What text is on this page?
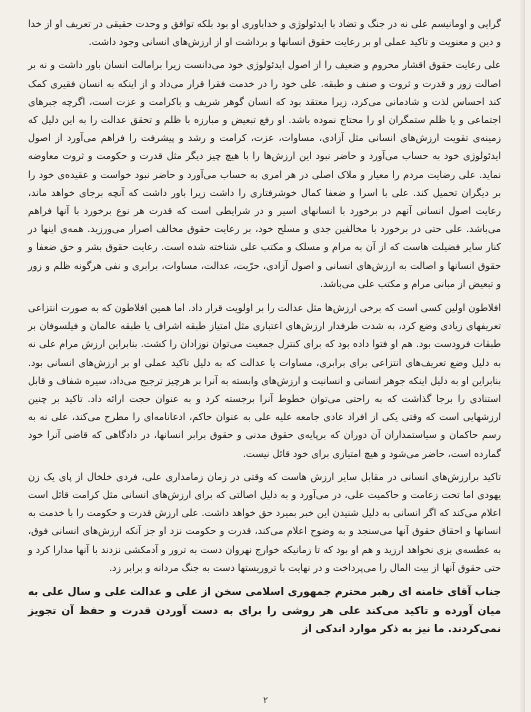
گرایی و اومانیسم علی نه در جنگ و تضاد با ایدئولوژی و خداباوری او بود بلکه توافق و وحدت حقیقی در تعریف او از خدا و دین و معنویت و تاکید عملی او بر رعایت حقوق انسانها و برداشت او از ارزش‌های انسانی وجود داشت.

علی رعایت حقوق اقشار محروم و ضعیف را از اصول ایدئولوژی خود می‌دانست زیرا برامالت انسان باور داشت و نه بر اصالت زور و قدرت و ثروت و صنف و طبقه. علی خود را در خدمت فقرا قرار می‌داد و از اینکه به انسان فقیری کمک کند احساس لذت و شادمانی می‌کرد، زیرا معتقد بود که انسان گوهر شریف و باکرامت و عزت است، اگرچه جبرهای اجتماعی و یا ظلم ستمگران او را محتاج نموده باشد. او رفع تبعیض و مبارزه با ظلم و تحقق عدالت را به این دلیل که زمینه‌ی تقویت ارزش‌های انسانی مثل آزادی، مساوات، عزت، کرامت و رشد و پیشرفت را فراهم می‌آورد از اصول ایدئولوژی خود به حساب می‌آورد و حاضر نبود این ارزش‌ها را با هیچ چیز دیگر مثل قدرت و حکومت و ثروت معاوضه نماید. علی رضایت مردم را معیار و ملاک اصلی در هر امری به حساب می‌آورد و حاضر نبود خواست و عقیده‌ی خود را بر دیگران تحمیل کند. علی با اسرا و ضعفا کمال خوشرفتاری را داشت زیرا باور داشت که آنچه برجای خواهد ماند، رعایت اصول انسانی آنهم در برخورد با انسانهای اسیر و در شرایطی است که قدرت هر نوع برخورد با آنها فراهم می‌باشد. علی حتی در برخورد با مخالفین جدی و مسلح خود، بر رعایت حقوق مخالف اصرار می‌ورزید. همه‌ی اینها در کنار سایر فضیلت هاست که از آن به مرام و مسلک و مکتب علی شناخته شده است. رعایت حقوق بشر و حق ضعفا و حقوق انسانها و اصالت به ارزش‌های انسانی و اصول آزادی، حرّیت، عدالت، مساوات، برابری و نفی هرگونه ظلم و زور و تبعیض از مبانی مرام و مکتب علی می‌باشد.

افلاطون اولین کسی است که برخی ارزش‌ها مثل عدالت را بر اولویت قرار داد. اما همین افلاطون که به صورت انتزاعی تعریفهای زیادی وضع کرد، به شدت طرفدار ارزش‌های اعتباری مثل امتیاز طبقه اشراف یا طبقه عالمان و فیلسوفان بر طبقات فرودست بود. هم او فتوا داده بود که برای کنترل جمعیت می‌توان نوزادان را کشت. بنابراین ارزش مرام علی نه به دلیل وضع تعریف‌های انتزاعی برای برابری، مساوات یا عدالت که به دلیل تاکید عملی او بر ارزش‌های انسانی بود. بنابراین او به دلیل اینکه جوهر انسانی و انسانیت و ارزش‌های وابسته به آنرا بر هرچیز ترجیح می‌داد، سیره شفاف و قابل استنادی را برجا گذاشت که به راحتی می‌توان خطوط آنرا برجسته کرد و به عنوان حجت ارائه داد. تاکید بر چنین ارزشهایی است که وقتی یکی از افراد عادی جامعه علیه علی به عنوان حاکم، ادعانامه‌ای را مطرح می‌کند، علی نه به رسم حاکمان و سیاستمداران آن دوران که برپایه‌ی حقوق مدنی و حقوق برابر انسانها، در دادگاهی که قاضی آنرا خود گمارده است، حاضر می‌شود و هیچ امتیازی برای خود قائل نیست.

تاکید برارزش‌های انسانی در مقابل سایر ارزش هاست که وقتی در زمان زمامداری علی، فردی خلخال از پای یک زن یهودی اما تحت زعامت و حاکمیت علی، در می‌آورد و به دلیل اصالتی که برای ارزش‌های انسانی مثل کرامت قائل است اعلام می‌کند که اگر انسانی به دلیل شنیدن این خبر بمیرد حق خواهد داشت. علی ارزش قدرت و حکومت را با خدمت به انسانها و احقاق حقوق آنها می‌سنجد و به وضوح اعلام می‌کند، قدرت و حکومت نزد او جز آنکه ارزش‌های انسانی فوق، به عطسه‌ی بزی نخواهد ارزید و هم او بود که تا زمانیکه خوارج نهروان دست به ترور و آدمکشی نزدند با آنها مدارا کرد و حتی حقوق آنها از بیت المال را می‌پرداخت و در نهایت با تروریستها دست به جنگ مردانه و برابر زد.

جناب آقای خامنه ای رهبر محترم جمهوری اسلامی سخن از علی و عدالت علی و سال علی به میان آورده و تاکید می‌کند علی هر روشی را برای به دست آوردن قدرت و حفظ آن تجویز نمی‌کردند. ما نیز به ذکر موارد اندکی از

۲
